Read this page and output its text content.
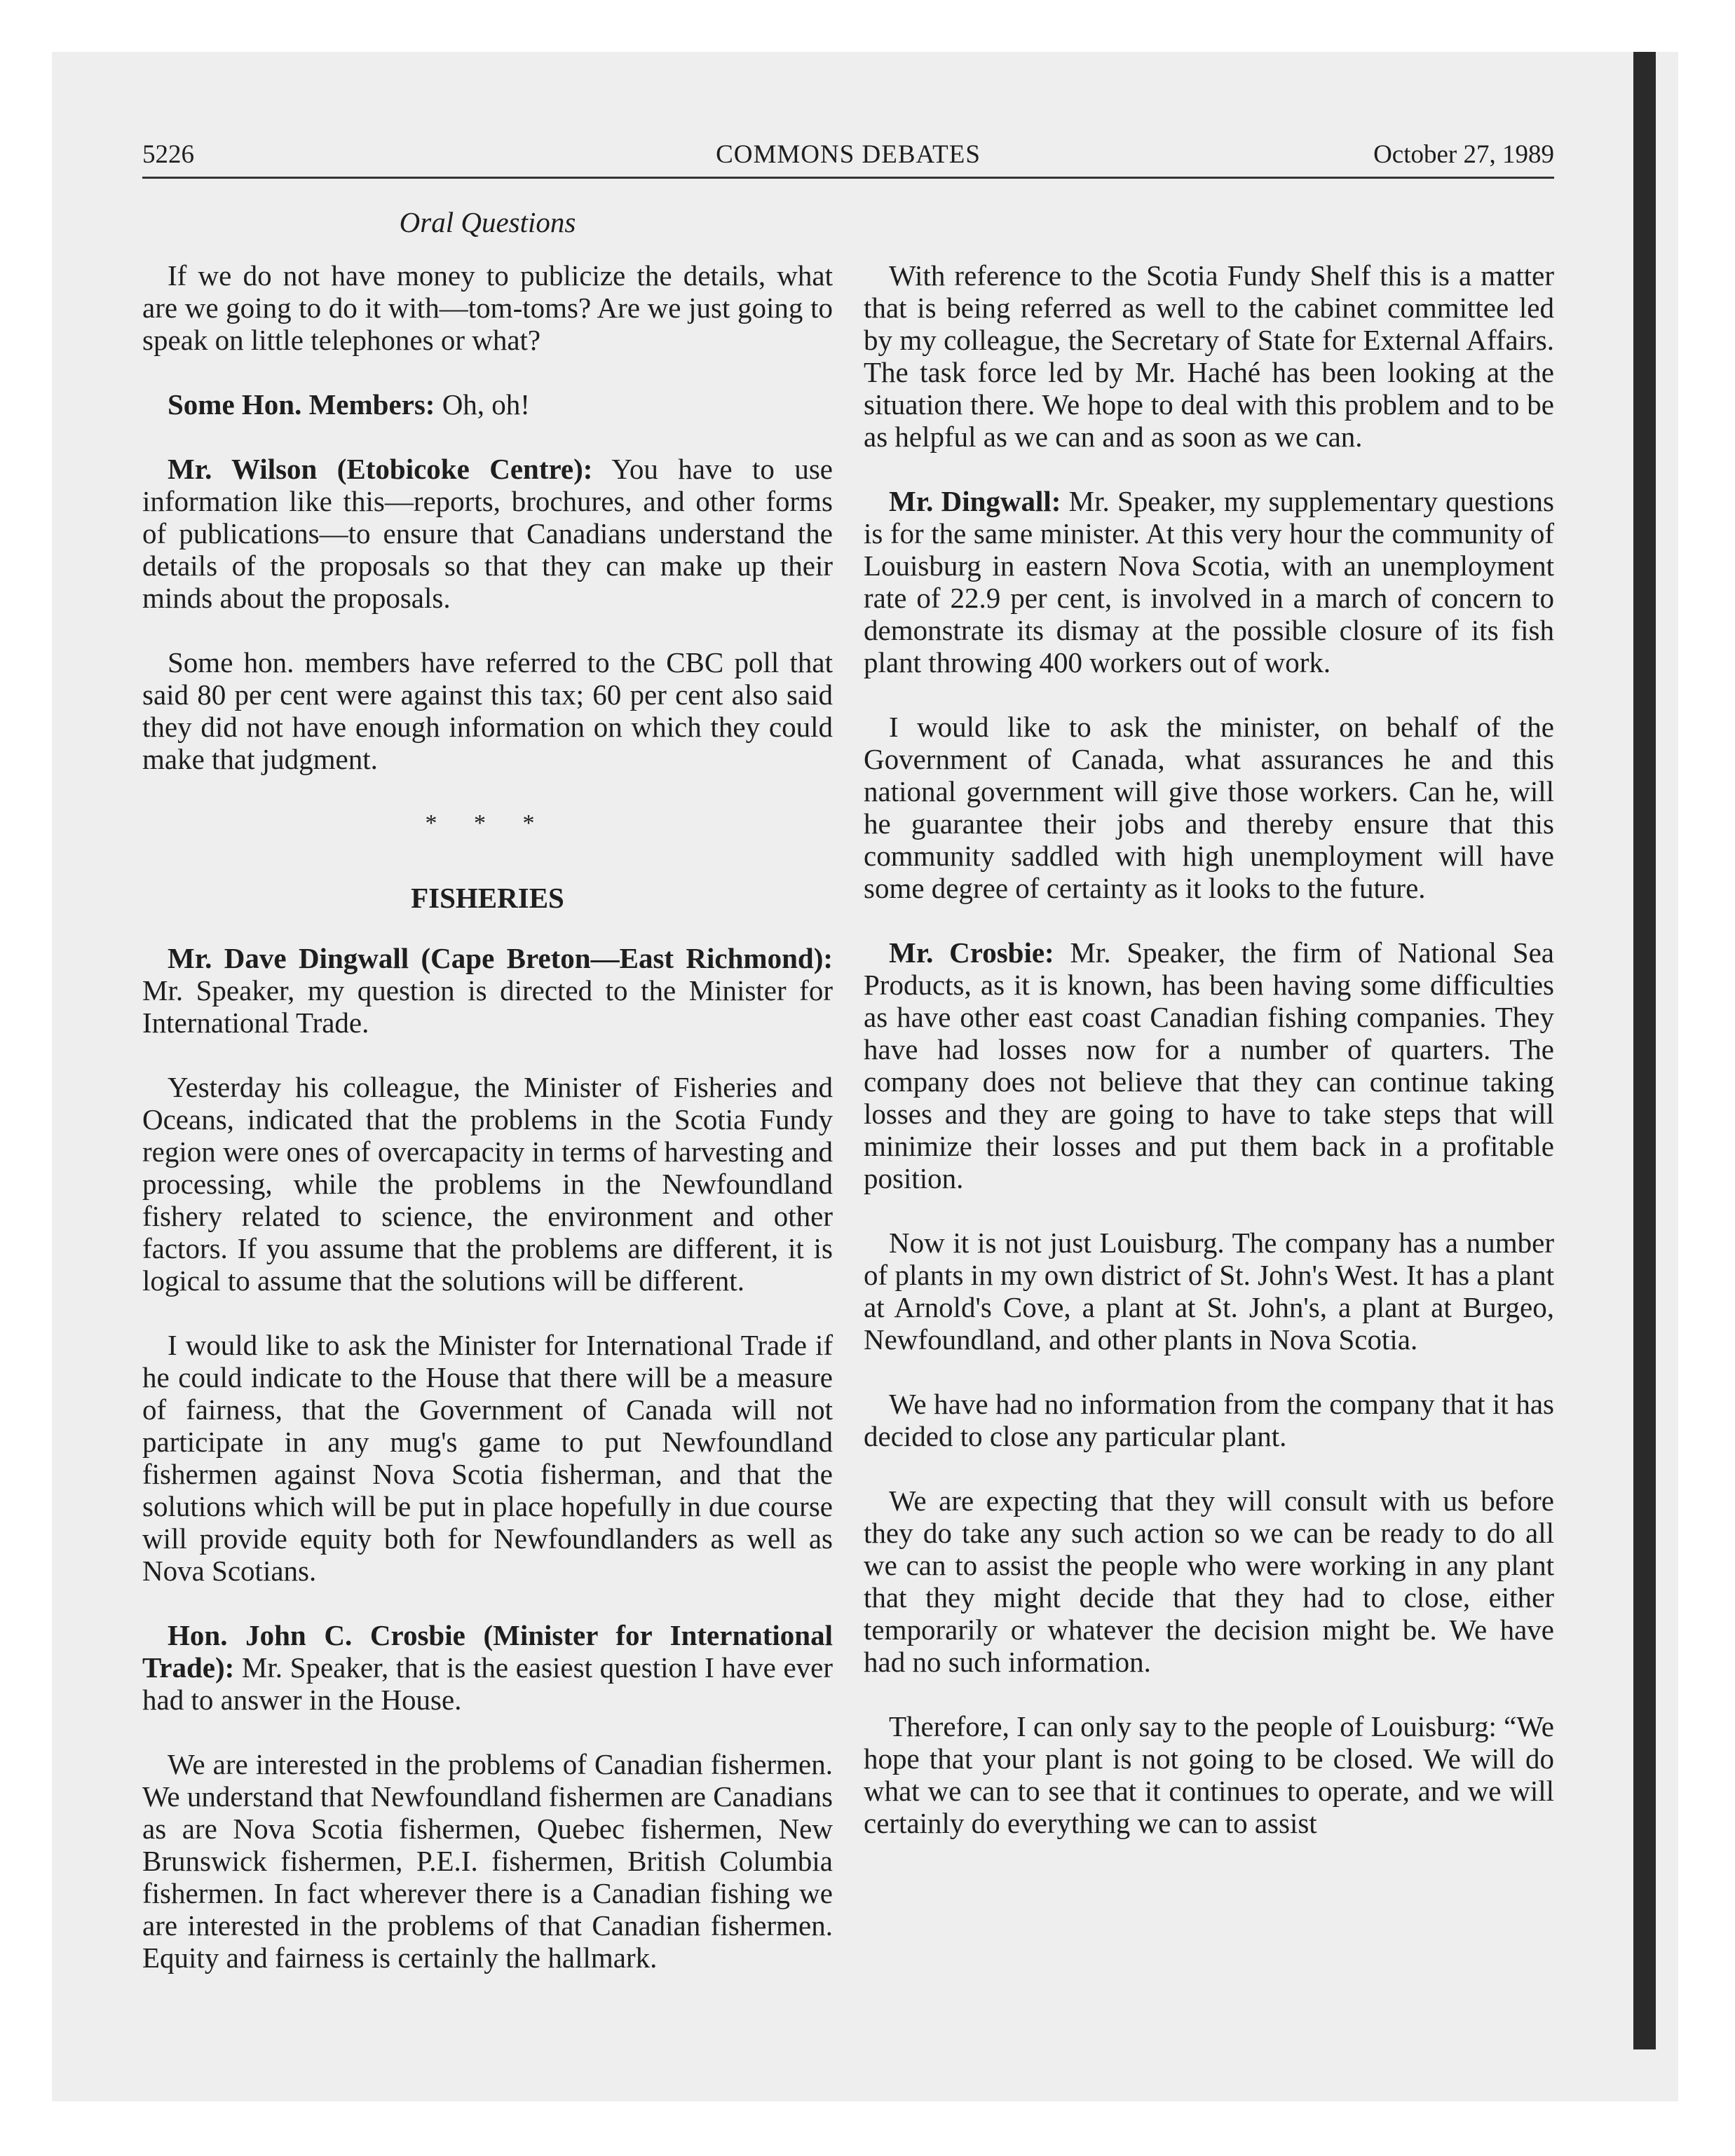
5226	COMMONS DEBATES	October 27, 1989
Oral Questions

If we do not have money to publicize the details, what are we going to do it with—tom-toms? Are we just going to speak on little telephones or what?

Some Hon. Members: Oh, oh!

Mr. Wilson (Etobicoke Centre): You have to use information like this—reports, brochures, and other forms of publications—to ensure that Canadians understand the details of the proposals so that they can make up their minds about the proposals.

Some hon. members have referred to the CBC poll that said 80 per cent were against this tax; 60 per cent also said they did not have enough information on which they could make that judgment.

* * *
FISHERIES

Mr. Dave Dingwall (Cape Breton—East Richmond): Mr. Speaker, my question is directed to the Minister for International Trade.

Yesterday his colleague, the Minister of Fisheries and Oceans, indicated that the problems in the Scotia Fundy region were ones of overcapacity in terms of harvesting and processing, while the problems in the Newfoundland fishery related to science, the environment and other factors. If you assume that the problems are different, it is logical to assume that the solutions will be different.

I would like to ask the Minister for International Trade if he could indicate to the House that there will be a measure of fairness, that the Government of Canada will not participate in any mug's game to put Newfoundland fishermen against Nova Scotia fisherman, and that the solutions which will be put in place hopefully in due course will provide equity both for Newfoundlanders as well as Nova Scotians.

Hon. John C. Crosbie (Minister for International Trade): Mr. Speaker, that is the easiest question I have ever had to answer in the House.

We are interested in the problems of Canadian fishermen. We understand that Newfoundland fishermen are Canadians as are Nova Scotia fishermen, Quebec fishermen, New Brunswick fishermen, P.E.I. fishermen, British Columbia fishermen. In fact wherever there is a Canadian fishing we are interested in the problems of that Canadian fishermen. Equity and fairness is certainly the hallmark.

With reference to the Scotia Fundy Shelf this is a matter that is being referred as well to the cabinet committee led by my colleague, the Secretary of State for External Affairs. The task force led by Mr. Haché has been looking at the situation there. We hope to deal with this problem and to be as helpful as we can and as soon as we can.

Mr. Dingwall: Mr. Speaker, my supplementary questions is for the same minister. At this very hour the community of Louisburg in eastern Nova Scotia, with an unemployment rate of 22.9 per cent, is involved in a march of concern to demonstrate its dismay at the possible closure of its fish plant throwing 400 workers out of work.

I would like to ask the minister, on behalf of the Government of Canada, what assurances he and this national government will give those workers. Can he, will he guarantee their jobs and thereby ensure that this community saddled with high unemployment will have some degree of certainty as it looks to the future.

Mr. Crosbie: Mr. Speaker, the firm of National Sea Products, as it is known, has been having some difficulties as have other east coast Canadian fishing companies. They have had losses now for a number of quarters. The company does not believe that they can continue taking losses and they are going to have to take steps that will minimize their losses and put them back in a profitable position.

Now it is not just Louisburg. The company has a number of plants in my own district of St. John's West. It has a plant at Arnold's Cove, a plant at St. John's, a plant at Burgeo, Newfoundland, and other plants in Nova Scotia.

We have had no information from the company that it has decided to close any particular plant.

We are expecting that they will consult with us before they do take any such action so we can be ready to do all we can to assist the people who were working in any plant that they might decide that they had to close, either temporarily or whatever the decision might be. We have had no such information.

Therefore, I can only say to the people of Louisburg: “We hope that your plant is not going to be closed. We will do what we can to see that it continues to operate, and we will certainly do everything we can to assist
